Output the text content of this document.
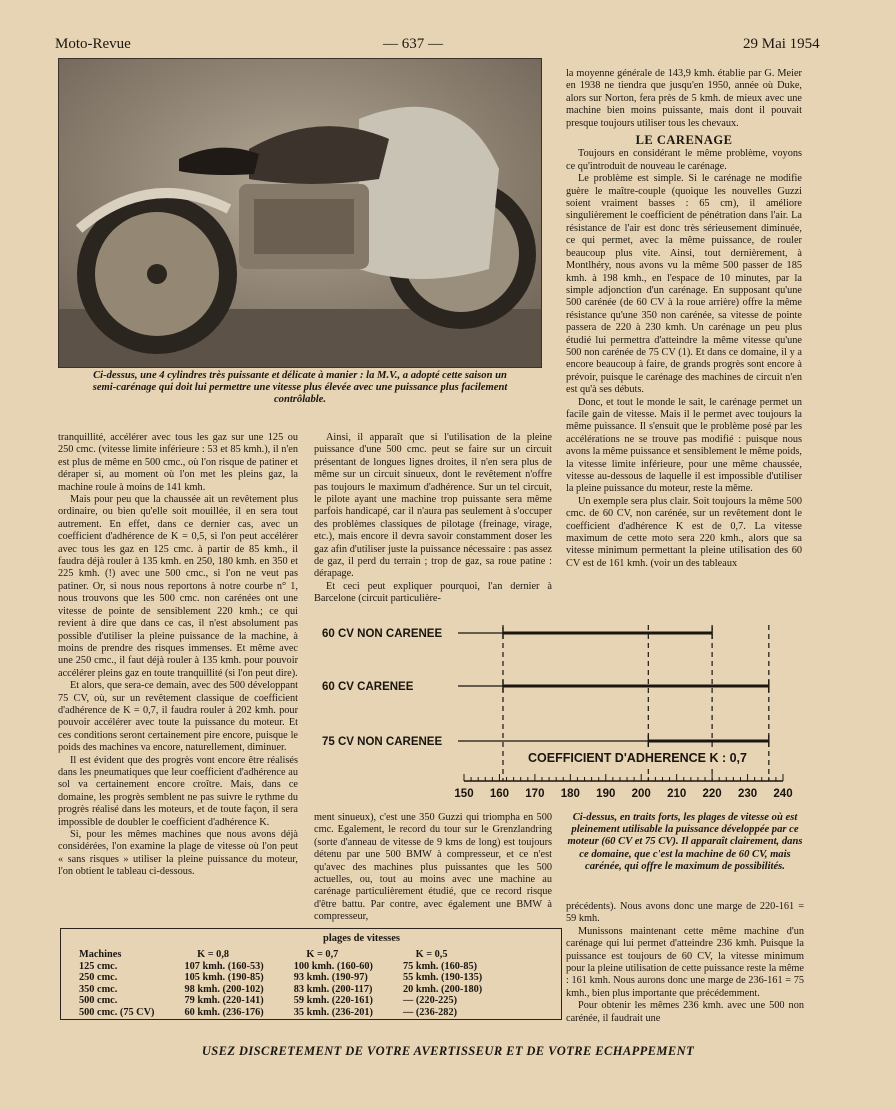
Moto-Revue	— 637 —	29 Mai 1954
Ci-dessus, une 4 cylindres très puissante et délicate à manier : la M.V., a adopté cette saison un semi-carénage qui doit lui permettre une vitesse plus élevée avec une puissance plus facilement contrôlable.

la moyenne générale de 143,9 kmh. établie par G. Meier en 1938 ne tiendra que jusqu'en 1950, année où Duke, alors sur Norton, fera près de 5 kmh. de mieux avec une machine bien moins puissante, mais dont il pouvait presque toujours utiliser tous les chevaux.

LE CARENAGE

Toujours en considérant le même problème, voyons ce qu'introduit de nouveau le carénage.

Le problème est simple. Si le carénage ne modifie guère le maître-couple (quoique les nouvelles Guzzi soient vraiment basses : 65 cm), il améliore singulièrement le coefficient de pénétration dans l'air. La résistance de l'air est donc très sérieusement diminuée, ce qui permet, avec la même puissance, de rouler beaucoup plus vite. Ainsi, tout dernièrement, à Montlhéry, nous avons vu la même 500 passer de 185 kmh. à 198 kmh., en l'espace de 10 minutes, par la simple adjonction d'un carénage. En supposant qu'une 500 carénée (de 60 CV à la roue arrière) offre la même résistance qu'une 350 non carénée, sa vitesse de pointe passera de 220 à 230 kmh. Un carénage un peu plus étudié lui permettra d'atteindre la même vitesse qu'une 500 non carénée de 75 CV (1). Et dans ce domaine, il y a encore beaucoup à faire, de grands progrès sont encore à prévoir, puisque le carénage des machines de circuit n'en est qu'à ses débuts.

Donc, et tout le monde le sait, le carénage permet un facile gain de vitesse. Mais il le permet avec toujours la même puissance. Il s'ensuit que le problème posé par les accélérations ne se trouve pas modifié : puisque nous avons la même puissance et sensiblement le même poids, la vitesse limite inférieure, pour une même chaussée, vitesse au-dessous de laquelle il est impossible d'utiliser la pleine puissance du moteur, reste la même.

Un exemple sera plus clair. Soit toujours la même 500 cmc. de 60 CV, non carénée, sur un revêtement dont le coefficient d'adhérence K est de 0,7. La vitesse maximum de cette moto sera 220 kmh., alors que sa vitesse minimum permettant la pleine utilisation des 60 CV est de 161 kmh. (voir un des tableaux

tranquillité, accélérer avec tous les gaz sur une 125 ou 250 cmc. (vitesse limite inférieure : 53 et 85 kmh.), il n'en est plus de même en 500 cmc., où l'on risque de patiner et déraper si, au moment où l'on met les pleins gaz, la machine roule à moins de 141 kmh.

Mais pour peu que la chaussée ait un revêtement plus ordinaire, ou bien qu'elle soit mouillée, il en sera tout autrement. En effet, dans ce dernier cas, avec un coefficient d'adhérence de K = 0,5, si l'on peut accélérer avec tous les gaz en 125 cmc. à partir de 85 kmh., il faudra déjà rouler à 135 kmh. en 250, 180 kmh. en 350 et 225 kmh. (!) avec une 500 cmc., si l'on ne veut pas patiner. Or, si nous nous reportons à notre courbe n° 1, nous trouvons que les 500 cmc. non carénées ont une vitesse de pointe de sensiblement 220 kmh.; ce qui revient à dire que dans ce cas, il n'est absolument pas possible d'utiliser la pleine puissance de la machine, à moins de prendre des risques immenses. Et même avec une 250 cmc., il faut déjà rouler à 135 kmh. pour pouvoir accélérer pleins gaz en toute tranquillité (si l'on peut dire).

Et alors, que sera-ce demain, avec des 500 développant 75 CV, où, sur un revêtement classique de coefficient d'adhérence de K = 0,7, il faudra rouler à 202 kmh. pour pouvoir accélérer avec toute la puissance du moteur. Et ces conditions seront certainement pire encore, puisque le poids des machines va encore, naturellement, diminuer.

Il est évident que des progrès vont encore être réalisés dans les pneumatiques que leur coefficient d'adhérence au sol va certainement encore croître. Mais, dans ce domaine, les progrès semblent ne pas suivre le rythme du progrès réalisé dans les moteurs, et de toute façon, il sera impossible de doubler le coefficient d'adhérence K.

Si, pour les mêmes machines que nous avons déjà considérées, l'on examine la plage de vitesse où l'on peut « sans risques » utiliser la pleine puissance du moteur, l'on obtient le tableau ci-dessous.

Ainsi, il apparaît que si l'utilisation de la pleine puissance d'une 500 cmc. peut se faire sur un circuit présentant de longues lignes droites, il n'en sera plus de même sur un circuit sinueux, dont le revêtement n'offre pas toujours le maximum d'adhérence. Sur un tel circuit, le pilote ayant une machine trop puissante sera même parfois handicapé, car il n'aura pas seulement à s'occuper des problèmes classiques de pilotage (freinage, virage, etc.), mais encore il devra savoir constamment doser les gaz afin d'utiliser juste la puissance nécessaire : pas assez de gaz, il perd du terrain ; trop de gaz, sa roue patine : dérapage.

Et ceci peut expliquer pourquoi, l'an dernier à Barcelone (circuit particulière-

150 160 170 180 190 200 210 220 230 240
60 CV NON CARENEE
60 CV CARENEE
75 CV NON CARENEE
COEFFICIENT D'ADHERENCE K : 0,7

ment sinueux), c'est une 350 Guzzi qui triompha en 500 cmc. Egalement, le record du tour sur le Grenzlandring (sorte d'anneau de vitesse de 9 kms de long) est toujours détenu par une 500 BMW à compresseur, et ce n'est qu'avec des machines plus puissantes que les 500 actuelles, ou, tout au moins avec une machine au carénage particulièrement étudié, que ce record risque d'être battu. Par contre, avec également une BMW à compresseur,

Ci-dessus, en traits forts, les plages de vitesse où est pleinement utilisable la puissance développée par ce moteur (60 CV et 75 CV). Il apparaît clairement, dans ce domaine, que c'est la machine de 60 CV, mais carénée, qui offre le maximum de possibilités.

précédents). Nous avons donc une marge de 220-161 = 59 kmh.

Munissons maintenant cette même machine d'un carénage qui lui permet d'atteindre 236 kmh. Puisque la puissance est toujours de 60 CV, la vitesse minimum pour la pleine utilisation de cette puissance reste la même : 161 kmh. Nous aurons donc une marge de 236-161 = 75 kmh., bien plus importante que précédemment.

Pour obtenir les mêmes 236 kmh. avec une 500 non carénée, il faudrait une

plages de vitesses
Machines	K = 0,8	K = 0,7	K = 0,5
125 cmc.	107 kmh. (160-53)	100 kmh. (160-60)	75 kmh. (160-85)
250 cmc.	105 kmh. (190-85)	93 kmh. (190-97)	55 kmh. (190-135)
350 cmc.	98 kmh. (200-102)	83 kmh. (200-117)	20 kmh. (200-180)
500 cmc.	79 kmh. (220-141)	59 kmh. (220-161)	— (220-225)
500 cmc. (75 CV)	60 kmh. (236-176)	35 kmh. (236-201)	— (236-282)
USEZ DISCRETEMENT DE VOTRE AVERTISSEUR ET DE VOTRE ECHAPPEMENT
